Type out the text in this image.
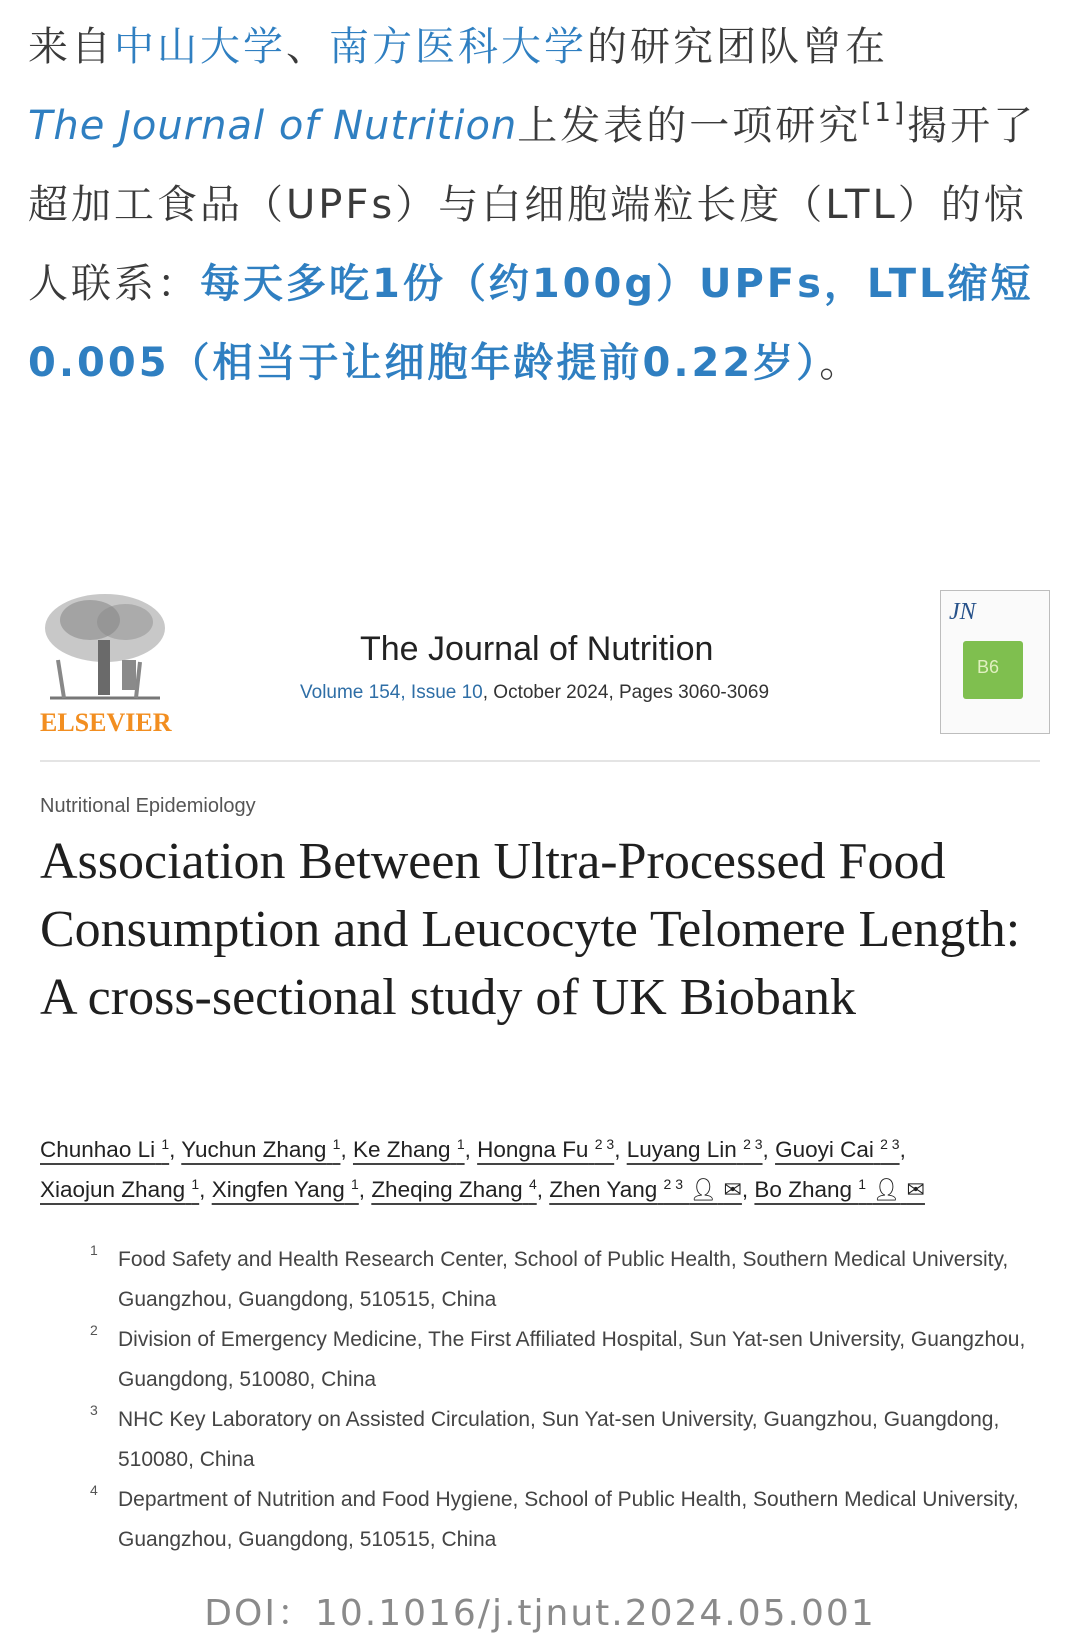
来自中山大学、南方医科大学的研究团队曾在
The Journal of Nutrition上发表的一项研究[1]揭开了超加工食品（UPFs）与白细胞端粒长度（LTL）的惊人联系：每天多吃1份（约100g）UPFs，LTL缩短0.005（相当于让细胞年龄提前0.22岁）。
ELSEVIER
The Journal of Nutrition
Volume 154, Issue 10, October 2024, Pages 3060-3069
JN
B6
Nutritional Epidemiology
Association Between Ultra-Processed Food Consumption and Leucocyte Telomere Length: A cross-sectional study of UK Biobank
Chunhao Li $^1$, Yuchun Zhang $^1$, Ke Zhang $^1$, Hongna Fu $^{2 3}$, Luyang Lin $^{2 3}$, Guoyi Cai $^{2 3}$,
Xiaojun Zhang $^1$, Xingfen Yang $^1$, Zheqing Zhang $^4$, Zhen Yang $^{2 3}$ 👤︎ ✉︎, Bo Zhang $^1$ 👤︎ ✉︎
1 Food Safety and Health Research Center, School of Public Health, Southern Medical University, Guangzhou, Guangdong, 510515, China
2 Division of Emergency Medicine, The First Affiliated Hospital, Sun Yat-sen University, Guangzhou, Guangdong, 510080, China
3 NHC Key Laboratory on Assisted Circulation, Sun Yat-sen University, Guangzhou, Guangdong, 510080, China
4 Department of Nutrition and Food Hygiene, School of Public Health, Southern Medical University, Guangzhou, Guangdong, 510515, China
DOI：10.1016/j.tjnut.2024.05.001
